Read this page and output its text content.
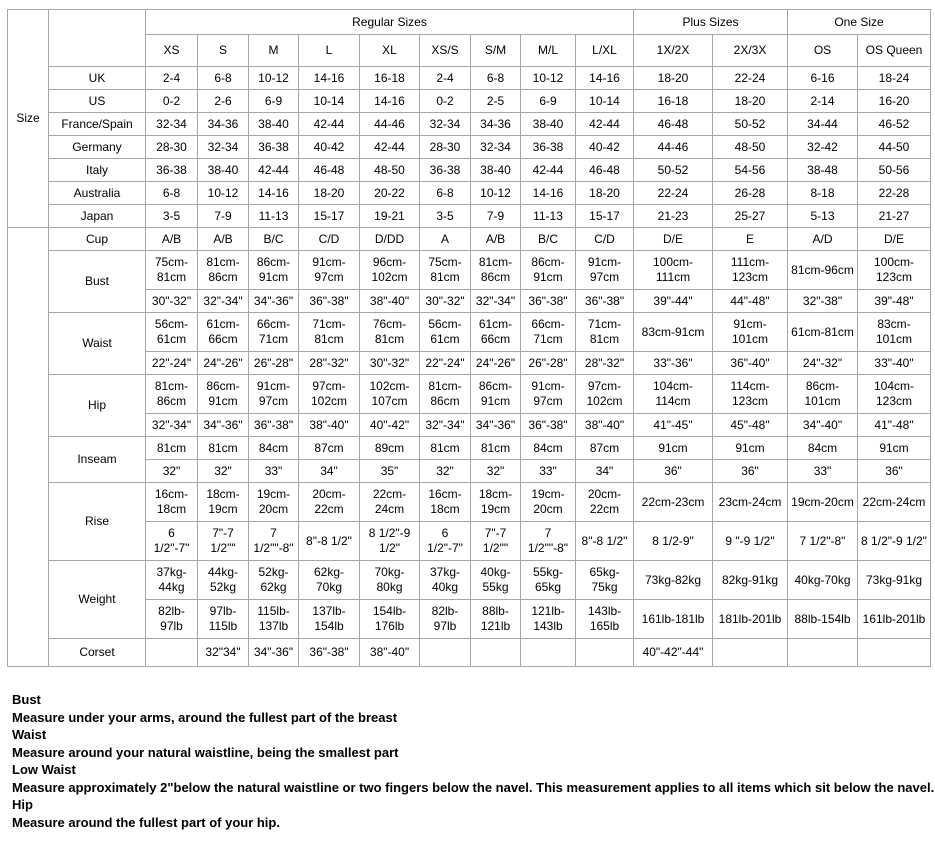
Size		Regular Sizes									Plus Sizes		One Size	
		XS	S	M	L	XL	XS/S	S/M	M/L	L/XL	1X/2X	2X/3X	OS	OS Queen
	UK	2-4	6-8	10-12	14-16	16-18	2-4	6-8	10-12	14-16	18-20	22-24	6-16	18-24
	US	0-2	2-6	6-9	10-14	14-16	0-2	2-5	6-9	10-14	16-18	18-20	2-14	16-20
	France/Spain	32-34	34-36	38-40	42-44	44-46	32-34	34-36	38-40	42-44	46-48	50-52	34-44	46-52
	Germany	28-30	32-34	36-38	40-42	42-44	28-30	32-34	36-38	40-42	44-46	48-50	32-42	44-50
	Italy	36-38	38-40	42-44	46-48	48-50	36-38	38-40	42-44	46-48	50-52	54-56	38-48	50-56
	Australia	6-8	10-12	14-16	18-20	20-22	6-8	10-12	14-16	18-20	22-24	26-28	8-18	22-28
	Japan	3-5	7-9	11-13	15-17	19-21	3-5	7-9	11-13	15-17	21-23	25-27	5-13	21-27
	Cup	A/B	A/B	B/C	C/D	D/DD	A	A/B	B/C	C/D	D/E	E	A/D	D/E
	Bust	75cm-81cm	81cm-86cm	86cm-91cm	91cm-97cm	96cm-102cm	75cm-81cm	81cm-86cm	86cm-91cm	91cm-97cm	100cm-111cm	111cm-123cm	81cm-96cm	100cm-123cm
		30"-32"	32"-34"	34"-36"	36"-38"	38"-40"	30"-32"	32"-34"	36"-38"	36"-38"	39"-44"	44"-48"	32"-38"	39"-48"
	Waist	56cm-61cm	61cm-66cm	66cm-71cm	71cm-81cm	76cm-81cm	56cm-61cm	61cm-66cm	66cm-71cm	71cm-81cm	83cm-91cm	91cm-101cm	61cm-81cm	83cm-101cm
		22"-24"	24"-26"	26"-28"	28"-32"	30"-32"	22"-24"	24"-26"	26"-28"	28"-32"	33"-36"	36"-40"	24"-32"	33"-40"
	Hip	81cm-86cm	86cm-91cm	91cm-97cm	97cm-102cm	102cm-107cm	81cm-86cm	86cm-91cm	91cm-97cm	97cm-102cm	104cm-114cm	114cm-123cm	86cm-101cm	104cm-123cm
		32"-34"	34"-36"	36"-38"	38"-40"	40"-42"	32"-34"	34"-36"	36"-38"	38"-40"	41"-45"	45"-48"	34"-40"	41"-48"
	Inseam	81cm	81cm	84cm	87cm	89cm	81cm	81cm	84cm	87cm	91cm	91cm	84cm	91cm
		32"	32"	33"	34"	35"	32"	32"	33"	34"	36"	36"	33"	36"
	Rise	16cm-18cm	18cm-19cm	19cm-20cm	20cm-22cm	22cm-24cm	16cm-18cm	18cm-19cm	19cm-20cm	20cm-22cm	22cm-23cm	23cm-24cm	19cm-20cm	22cm-24cm
		6 1/2"-7"	7"-7 1/2""	7 1/2""-8"	8"-8 1/2"	8 1/2"-9 1/2"	6 1/2"-7"	7"-7 1/2""	7 1/2""-8"	8"-8 1/2"	8 1/2-9"	9 "-9 1/2"	7 1/2"-8"	8 1/2"-9 1/2"
	Weight	37kg-44kg	44kg-52kg	52kg-62kg	62kg-70kg	70kg-80kg	37kg-40kg	40kg-55kg	55kg-65kg	65kg-75kg	73kg-82kg	82kg-91kg	40kg-70kg	73kg-91kg
		82lb-97lb	97lb-115lb	115lb-137lb	137lb-154lb	154lb-176lb	82lb-97lb	88lb-121lb	121lb-143lb	143lb-165lb	161lb-181lb	181lb-201lb	88lb-154lb	161lb-201lb
	Corset		32"34"	34"-36"	36"-38"	38"-40"					40"-42"-44"			
Bust
Measure under your arms, around the fullest part of the breast
Waist
Measure around your natural waistline, being the smallest part
Low Waist
Measure approximately 2"below the natural waistline or two fingers below the navel. This measurement applies to all items which sit below the navel.
Hip
Measure around the fullest part of your hip.
